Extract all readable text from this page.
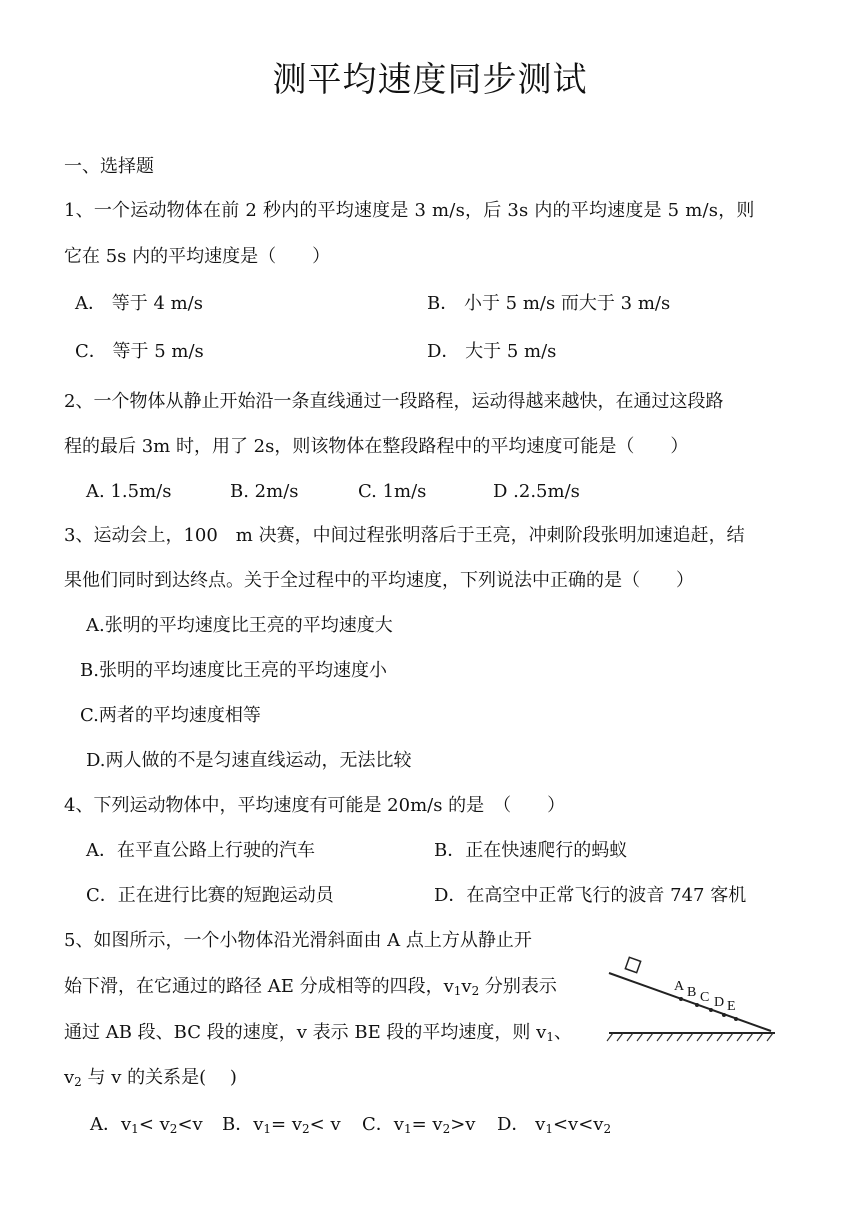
测平均速度同步测试
一、选择题
1、一个运动物体在前 2 秒内的平均速度是 3 m/s，后 3s 内的平均速度是 5 m/s，则
它在 5s 内的平均速度是（　　）
A． 等于 4 m/s	B． 小于 5 m/s 而大于 3 m/s
C． 等于 5 m/s	D． 大于 5 m/s
2、一个物体从静止开始沿一条直线通过一段路程，运动得越来越快，在通过这段路
程的最后 3m 时，用了 2s，则该物体在整段路程中的平均速度可能是（　　）
A. 1.5m/s	B. 2m/s	C. 1m/s	D .2.5m/s
3、运动会上，100　m 决赛，中间过程张明落后于王亮，冲刺阶段张明加速追赶，结
果他们同时到达终点。关于全过程中的平均速度，下列说法中正确的是（　　）
A.张明的平均速度比王亮的平均速度大
B.张明的平均速度比王亮的平均速度小
C.两者的平均速度相等
D.两人做的不是匀速直线运动，无法比较
4、下列运动物体中，平均速度有可能是 20m/s 的是　（　　）
A．在平直公路上行驶的汽车	B．正在快速爬行的蚂蚁
C．正在进行比赛的短跑运动员	D．在高空中正常飞行的波音 747 客机
5、如图所示，一个小物体沿光滑斜面由 A 点上方从静止开
始下滑，在它通过的路径 AE 分成相等的四段，$v_1v_2$ 分别表示
通过 AB 段、BC 段的速度，v 表示 BE 段的平均速度，则 $v_1$、
$v_2$ 与 v 的关系是(　 )
A．$v_1< v_2<v$ B．$v_1= v_2< v$ C．$v_1= v_2>v$ D． $v_1<v<v_2$
A B C D E
